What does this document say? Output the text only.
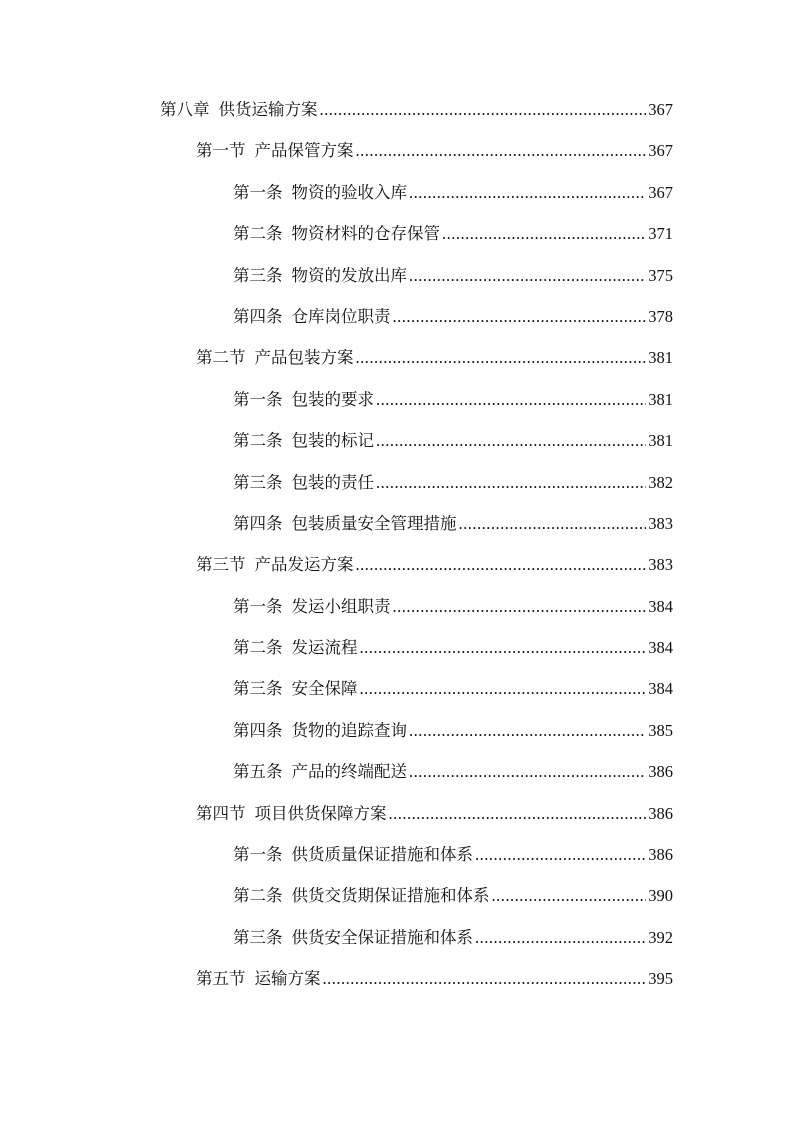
第八章 供货运输方案 .....	367
第一节 产品保管方案 .....	367
第一条 物资的验收入库 .....	367
第二条 物资材料的仓存保管 .....	371
第三条 物资的发放出库 .....	375
第四条 仓库岗位职责 .....	378
第二节 产品包装方案 .....	381
第一条 包装的要求 .....	381
第二条 包装的标记 .....	381
第三条 包装的责任 .....	382
第四条 包装质量安全管理措施 .....	383
第三节 产品发运方案 .....	383
第一条 发运小组职责 .....	384
第二条 发运流程 .....	384
第三条 安全保障 .....	384
第四条 货物的追踪查询 .....	385
第五条 产品的终端配送 .....	386
第四节 项目供货保障方案 .....	386
第一条 供货质量保证措施和体系 .....	386
第二条 供货交货期保证措施和体系 .....	390
第三条 供货安全保证措施和体系 .....	392
第五节 运输方案 .....	395
